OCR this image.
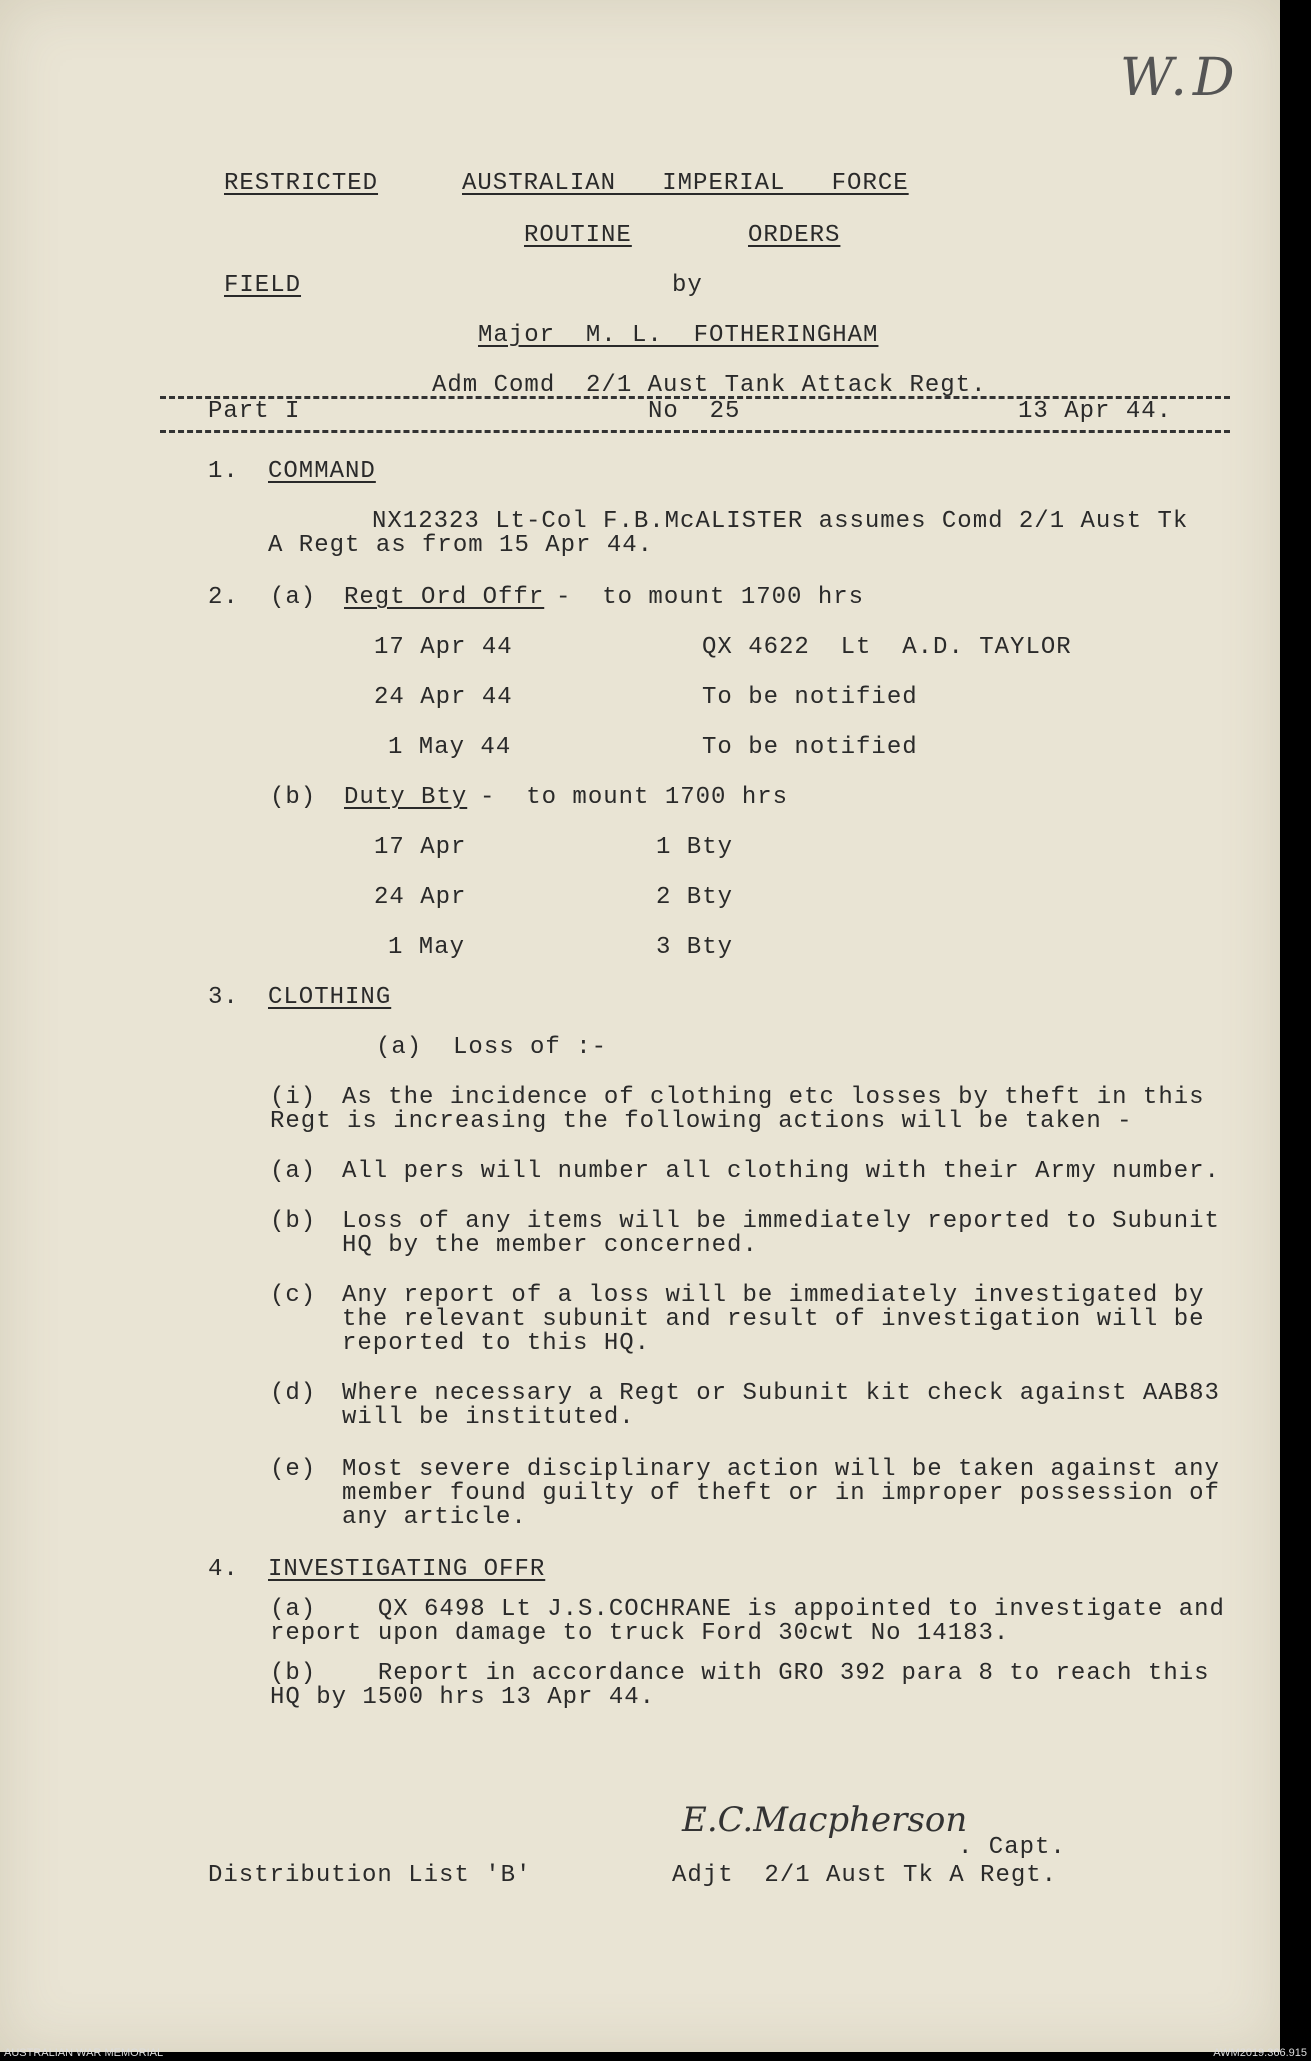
W.D
RESTRICTED	AUSTRALIAN   IMPERIAL   FORCE
ROUTINE	ORDERS
FIELD	by
Major  M. L.  FOTHERINGHAM
Adm Comd  2/1 Aust Tank Attack Regt.
Part I	No  25	13 Apr 44.
1. COMMAND
NX12323 Lt-Col F.B.McALISTER assumes Comd 2/1 Aust Tk
A Regt as from 15 Apr 44.
2. (a) Regt Ord Offr -  to mount 1700 hrs
17 Apr 44	QX 4622  Lt  A.D. TAYLOR
24 Apr 44	To be notified
1 May 44	To be notified
(b) Duty Bty -  to mount 1700 hrs
17 Apr	1 Bty
24 Apr	2 Bty
1 May	3 Bty
3. CLOTHING
(a)  Loss of :-
(i) As the incidence of clothing etc losses by theft in this
Regt is increasing the following actions will be taken -
(a) All pers will number all clothing with their Army number.
(b) Loss of any items will be immediately reported to Subunit
HQ by the member concerned.
(c) Any report of a loss will be immediately investigated by
the relevant subunit and result of investigation will be
reported to this HQ.
(d) Where necessary a Regt or Subunit kit check against AAB83
will be instituted.
(e) Most severe disciplinary action will be taken against any
member found guilty of theft or in improper possession of
any article.
4. INVESTIGATING OFFR
(a)    QX 6498 Lt J.S.COCHRANE is appointed to investigate and
report upon damage to truck Ford 30cwt No 14183.
(b)    Report in accordance with GRO 392 para 8 to reach this
HQ by 1500 hrs 13 Apr 44.
E.C.Macpherson
. Capt.
Distribution List 'B'	Adjt  2/1 Aust Tk A Regt.
AUSTRALIAN WAR MEMORIAL	AWM2019.366.915
